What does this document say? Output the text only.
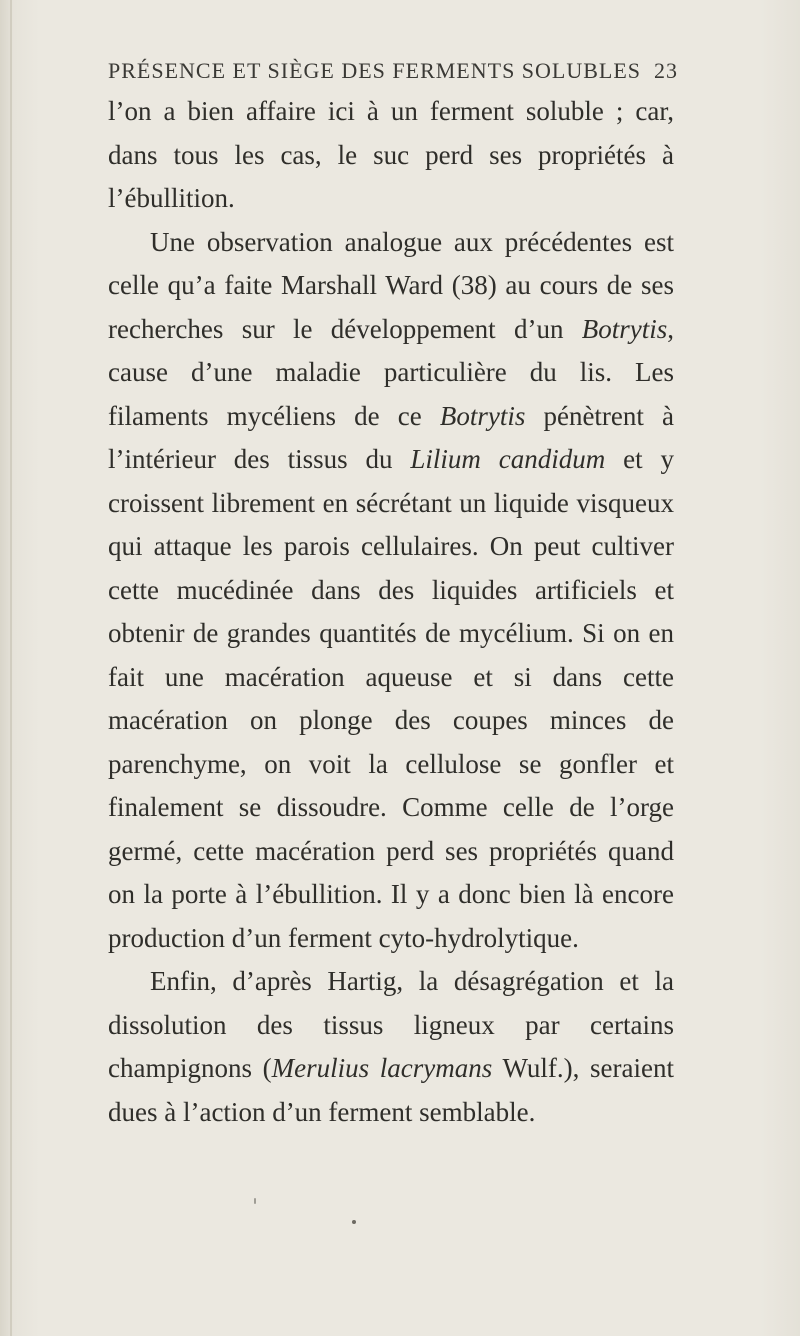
PRÉSENCE ET SIÈGE DES FERMENTS SOLUBLES 23

l’on a bien affaire ici à un ferment soluble ; car, dans tous les cas, le suc perd ses propriétés à l’ébullition.

Une observation analogue aux précédentes est celle qu’a faite Marshall Ward (38) au cours de ses recherches sur le développement d’un Botrytis, cause d’une maladie particulière du lis. Les filaments mycéliens de ce Botrytis pénètrent à l’intérieur des tissus du Lilium candidum et y croissent librement en sécrétant un liquide visqueux qui attaque les parois cellulaires. On peut cultiver cette mucédinée dans des liquides artificiels et obtenir de grandes quantités de mycélium. Si on en fait une macération aqueuse et si dans cette macération on plonge des coupes minces de parenchyme, on voit la cellulose se gonfler et finalement se dissoudre. Comme celle de l’orge germé, cette macération perd ses propriétés quand on la porte à l’ébullition. Il y a donc bien là encore production d’un ferment cyto-hydrolytique.

Enfin, d’après Hartig, la désagrégation et la dissolution des tissus ligneux par certains champignons (Merulius lacrymans Wulf.), seraient dues à l’action d’un ferment semblable.
